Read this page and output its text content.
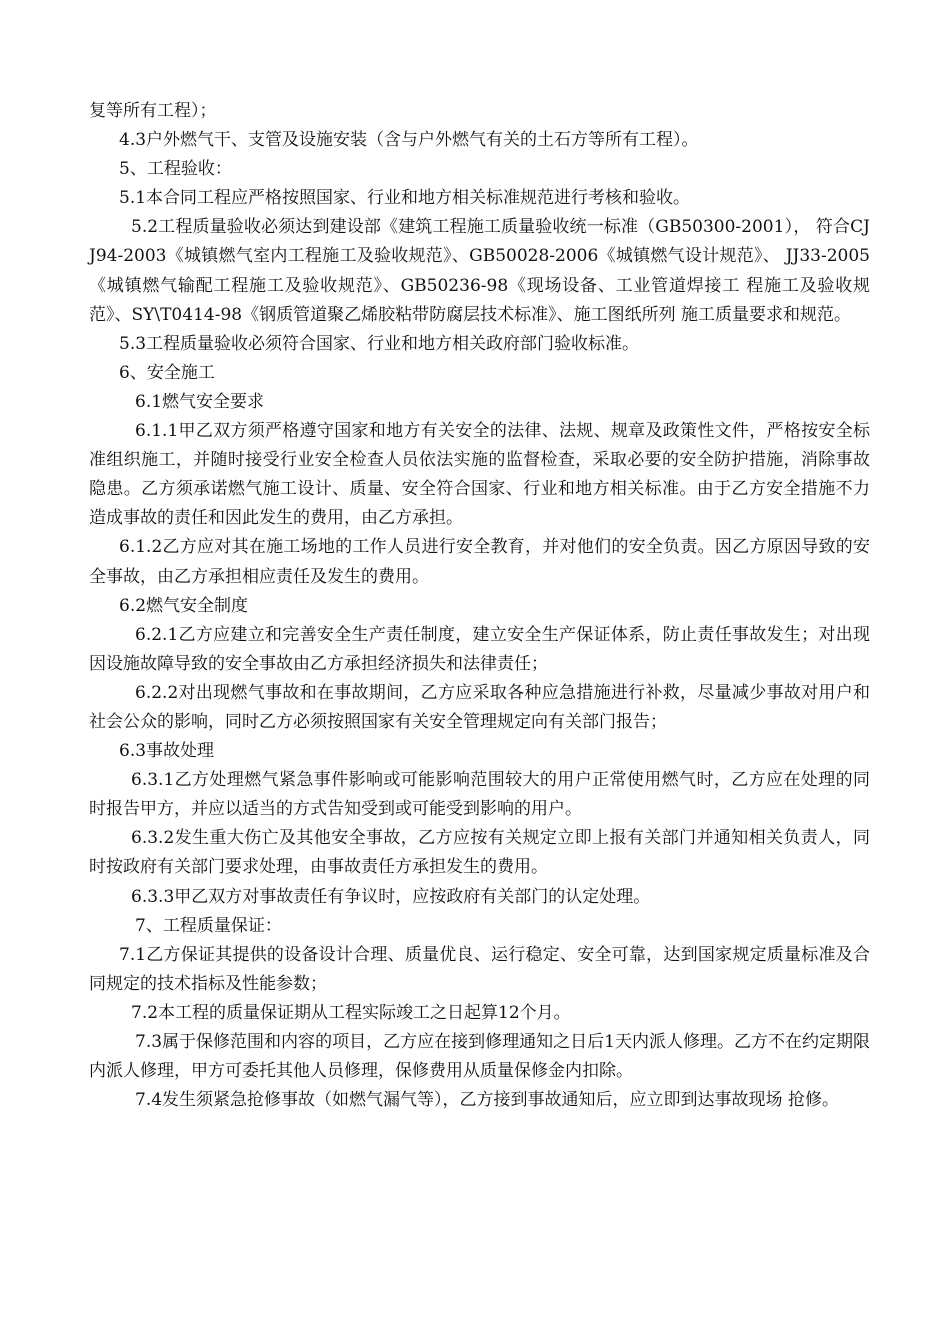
复等所有工程）；

4.3户外燃气干、支管及设施安装（含与户外燃气有关的土石方等所有工程）。

5、工程验收：

5.1本合同工程应严格按照国家、行业和地方相关标准规范进行考核和验收。

5.2工程质量验收必须达到建设部《建筑工程施工质量验收统一标准（GB50300-2001）， 符合CJJ94-2003《城镇燃气室内工程施工及验收规范》、GB50028-2006《城镇燃气设计规范》、 JJ33-2005《城镇燃气输配工程施工及验收规范》、GB50236-98《现场设备、工业管道焊接工 程施工及验收规范》、SY\T0414-98《钢质管道聚乙烯胶粘带防腐层技术标准》、施工图纸所列 施工质量要求和规范。

5.3工程质量验收必须符合国家、行业和地方相关政府部门验收标准。

6、安全施工

6.1燃气安全要求

6.1.1甲乙双方须严格遵守国家和地方有关安全的法律、法规、规章及政策性文件，严格按安全标准组织施工，并随时接受行业安全检查人员依法实施的监督检查，采取必要的安全防护措施，消除事故隐患。乙方须承诺燃气施工设计、质量、安全符合国家、行业和地方相关标准。由于乙方安全措施不力造成事故的责任和因此发生的费用，由乙方承担。

6.1.2乙方应对其在施工场地的工作人员进行安全教育，并对他们的安全负责。因乙方原因导致的安全事故，由乙方承担相应责任及发生的费用。

6.2燃气安全制度

6.2.1乙方应建立和完善安全生产责任制度，建立安全生产保证体系，防止责任事故发生；对出现因设施故障导致的安全事故由乙方承担经济损失和法律责任；

6.2.2对出现燃气事故和在事故期间，乙方应采取各种应急措施进行补救，尽量减少事故对用户和社会公众的影响，同时乙方必须按照国家有关安全管理规定向有关部门报告；

6.3事故处理

6.3.1乙方处理燃气紧急事件影响或可能影响范围较大的用户正常使用燃气时，乙方应在处理的同时报告甲方，并应以适当的方式告知受到或可能受到影响的用户。

6.3.2发生重大伤亡及其他安全事故，乙方应按有关规定立即上报有关部门并通知相关负责人，同时按政府有关部门要求处理，由事故责任方承担发生的费用。

6.3.3甲乙双方对事故责任有争议时，应按政府有关部门的认定处理。

7、工程质量保证：

7.1乙方保证其提供的设备设计合理、质量优良、运行稳定、安全可靠，达到国家规定质量标准及合同规定的技术指标及性能参数；

7.2本工程的质量保证期从工程实际竣工之日起算12个月。

7.3属于保修范围和内容的项目，乙方应在接到修理通知之日后1天内派人修理。乙方不在约定期限内派人修理，甲方可委托其他人员修理，保修费用从质量保修金内扣除。

7.4发生须紧急抢修事故（如燃气漏气等），乙方接到事故通知后，应立即到达事故现场 抢修。
